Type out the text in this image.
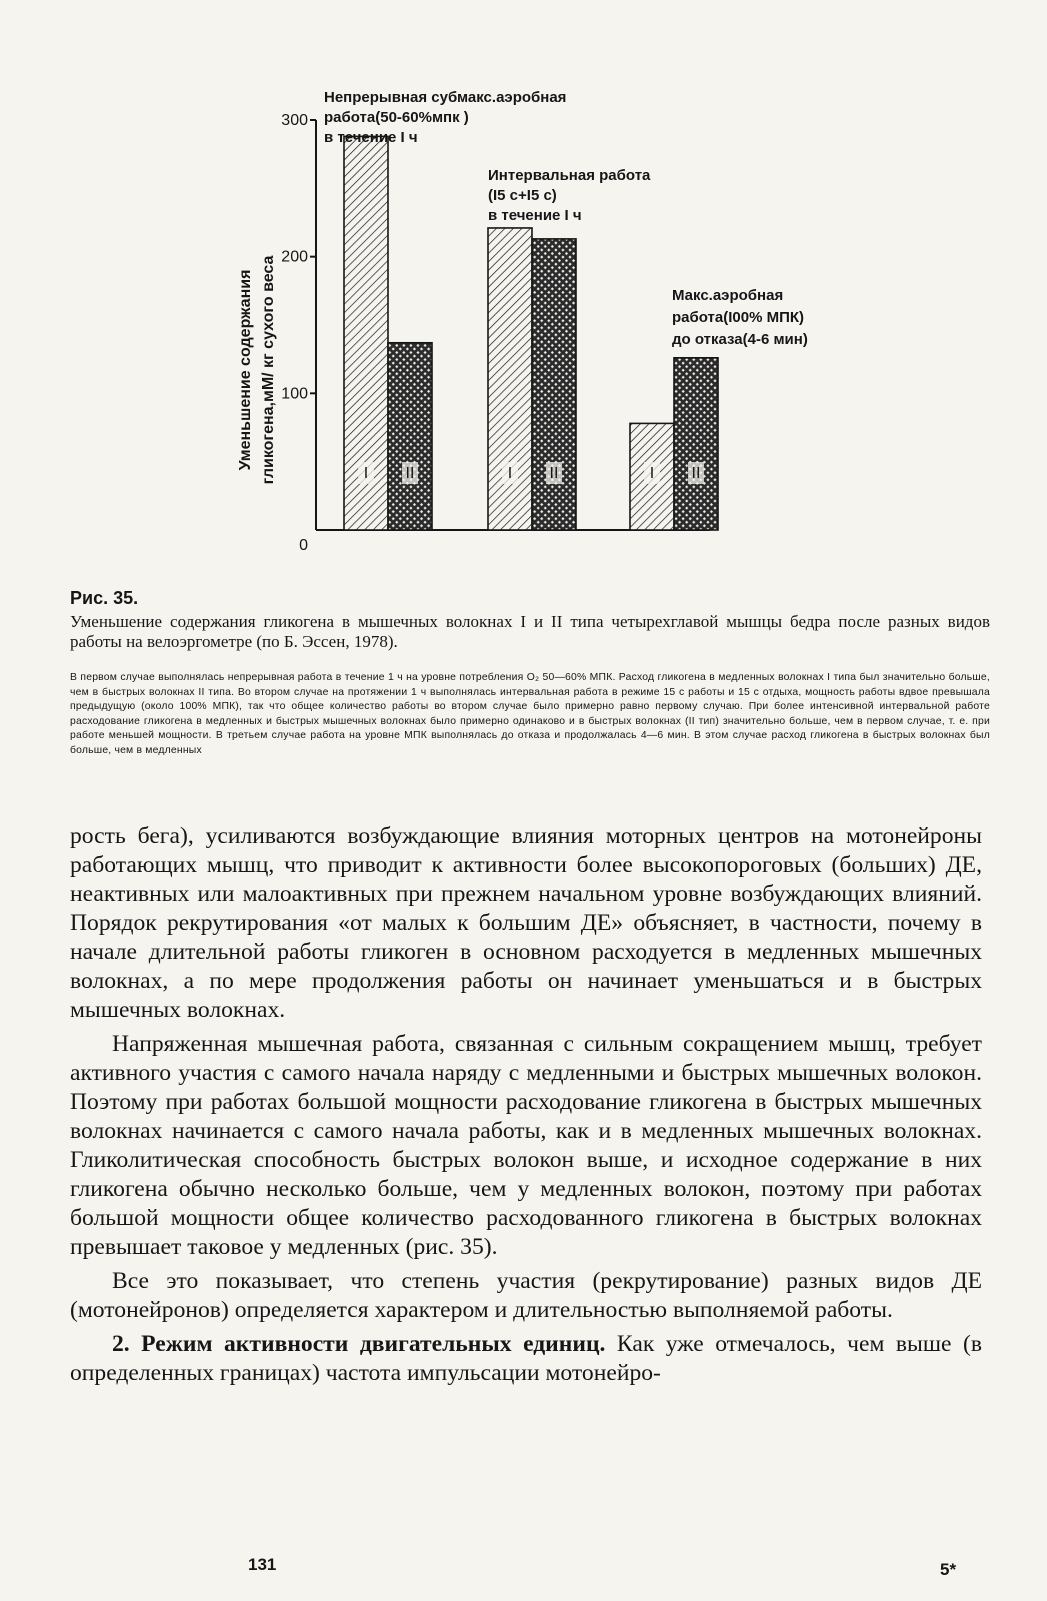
0
100
200
300
Уменьшение содержания гликогена,мМ/ кг сухого веса	I II
Непрерывная субмакс.аэробная
работа(50-60%мпк )
в течение I ч
I II
Интервальная работа
(I5 с+I5 с)
в течение I ч
I II
Макс.аэробная
работа(I00% МПК)
до отказа(4-6 мин)
Рис. 35.

Уменьшение содержания гликогена в мышечных волокнах I и II типа четырехглавой мышцы бедра после разных видов работы на велоэргометре (по Б. Эссен, 1978).

В первом случае выполнялась непрерывная работа в течение 1 ч на уровне потребления О₂ 50—60% МПК. Расход гликогена в медленных волокнах I типа был значительно больше, чем в быстрых волокнах II типа. Во втором случае на протяжении 1 ч выполнялась интервальная работа в режиме 15 с работы и 15 с отдыха, мощность работы вдвое превышала предыдущую (около 100% МПК), так что общее количество работы во втором случае было примерно равно первому случаю. При более интенсивной интервальной работе расходование гликогена в медленных и быстрых мышечных волокнах было примерно одинаково и в быстрых волокнах (II тип) значительно больше, чем в первом случае, т. е. при работе меньшей мощности. В третьем случае работа на уровне МПК выполнялась до отказа и продолжалась 4—6 мин. В этом случае расход гликогена в быстрых волокнах был больше, чем в медленных

рость бега), усиливаются возбуждающие влияния моторных центров на мотонейроны работающих мышц, что приводит к активности более высокопороговых (больших) ДЕ, неактивных или малоактивных при прежнем начальном уровне возбуждающих влияний. Порядок рекрутирования «от малых к большим ДЕ» объясняет, в частности, почему в начале длительной работы гликоген в основном расходуется в медленных мышечных волокнах, а по мере продолжения работы он начинает уменьшаться и в быстрых мышечных волокнах.

Напряженная мышечная работа, связанная с сильным сокращением мышц, требует активного участия с самого начала наряду с медленными и быстрых мышечных волокон. Поэтому при работах большой мощности расходование гликогена в быстрых мышечных волокнах начинается с самого начала работы, как и в медленных мышечных волокнах. Гликолитическая способность быстрых волокон выше, и исходное содержание в них гликогена обычно несколько больше, чем у медленных волокон, поэтому при работах большой мощности общее количество расходованного гликогена в быстрых волокнах превышает таковое у медленных (рис. 35).

Все это показывает, что степень участия (рекрутирование) разных видов ДЕ (мотонейронов) определяется характером и длительностью выполняемой работы.

2. Режим активности двигательных единиц. Как уже отмечалось, чем выше (в определенных границах) частота импульсации мотонейро-

131	5*
